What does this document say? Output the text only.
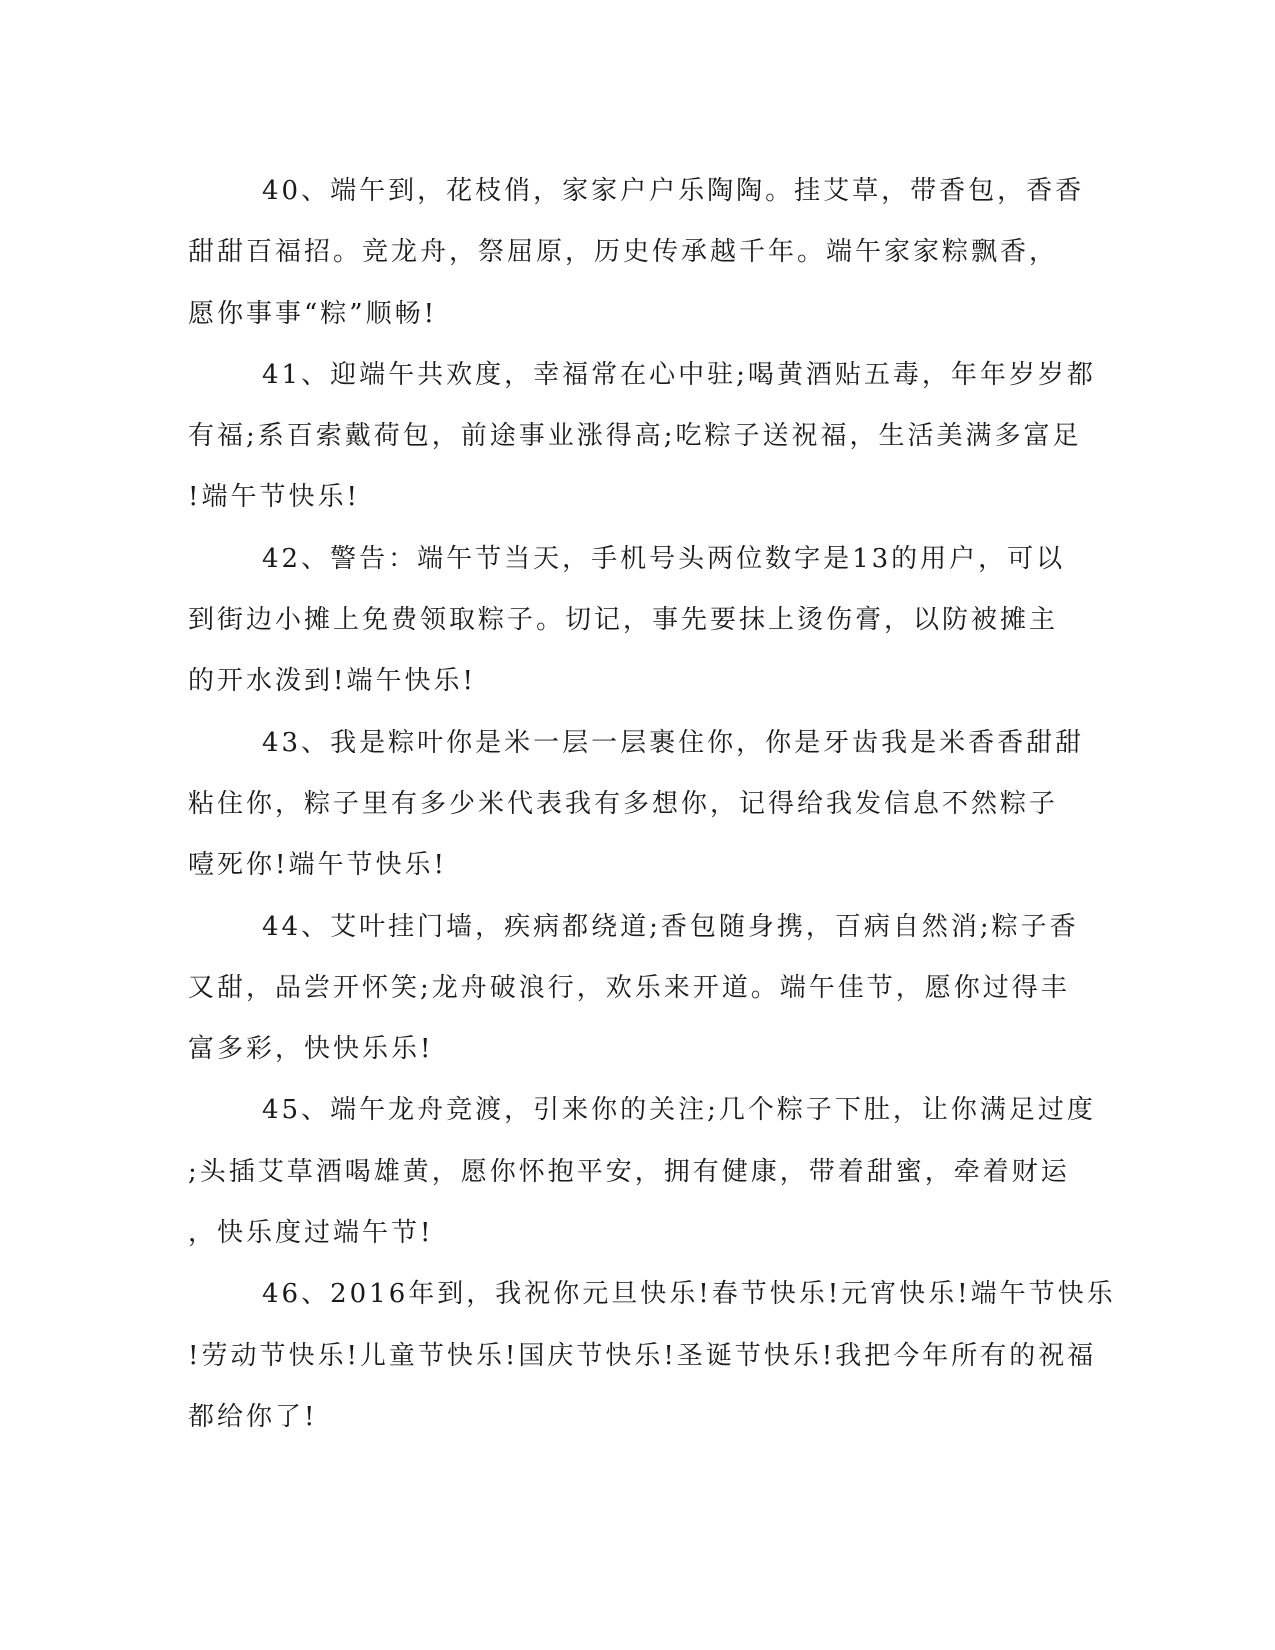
40、端午到，花枝俏，家家户户乐陶陶。挂艾草，带香包，香香
甜甜百福招。竞龙舟，祭屈原，历史传承越千年。端午家家粽飘香，
愿你事事“粽”顺畅!

41、迎端午共欢度，幸福常在心中驻;喝黄酒贴五毒，年年岁岁都
有福;系百索戴荷包，前途事业涨得高;吃粽子送祝福，生活美满多富足
!端午节快乐!

42、警告：端午节当天，手机号头两位数字是13的用户，可以
到街边小摊上免费领取粽子。切记，事先要抹上烫伤膏，以防被摊主
的开水泼到!端午快乐!

43、我是粽叶你是米一层一层裹住你，你是牙齿我是米香香甜甜
粘住你，粽子里有多少米代表我有多想你，记得给我发信息不然粽子
噎死你!端午节快乐!

44、艾叶挂门墙，疾病都绕道;香包随身携，百病自然消;粽子香
又甜，品尝开怀笑;龙舟破浪行，欢乐来开道。端午佳节，愿你过得丰
富多彩，快快乐乐!

45、端午龙舟竞渡，引来你的关注;几个粽子下肚，让你满足过度
;头插艾草酒喝雄黄，愿你怀抱平安，拥有健康，带着甜蜜，牵着财运
，快乐度过端午节!

46、2016年到，我祝你元旦快乐!春节快乐!元宵快乐!端午节快乐
!劳动节快乐!儿童节快乐!国庆节快乐!圣诞节快乐!我把今年所有的祝福
都给你了!
